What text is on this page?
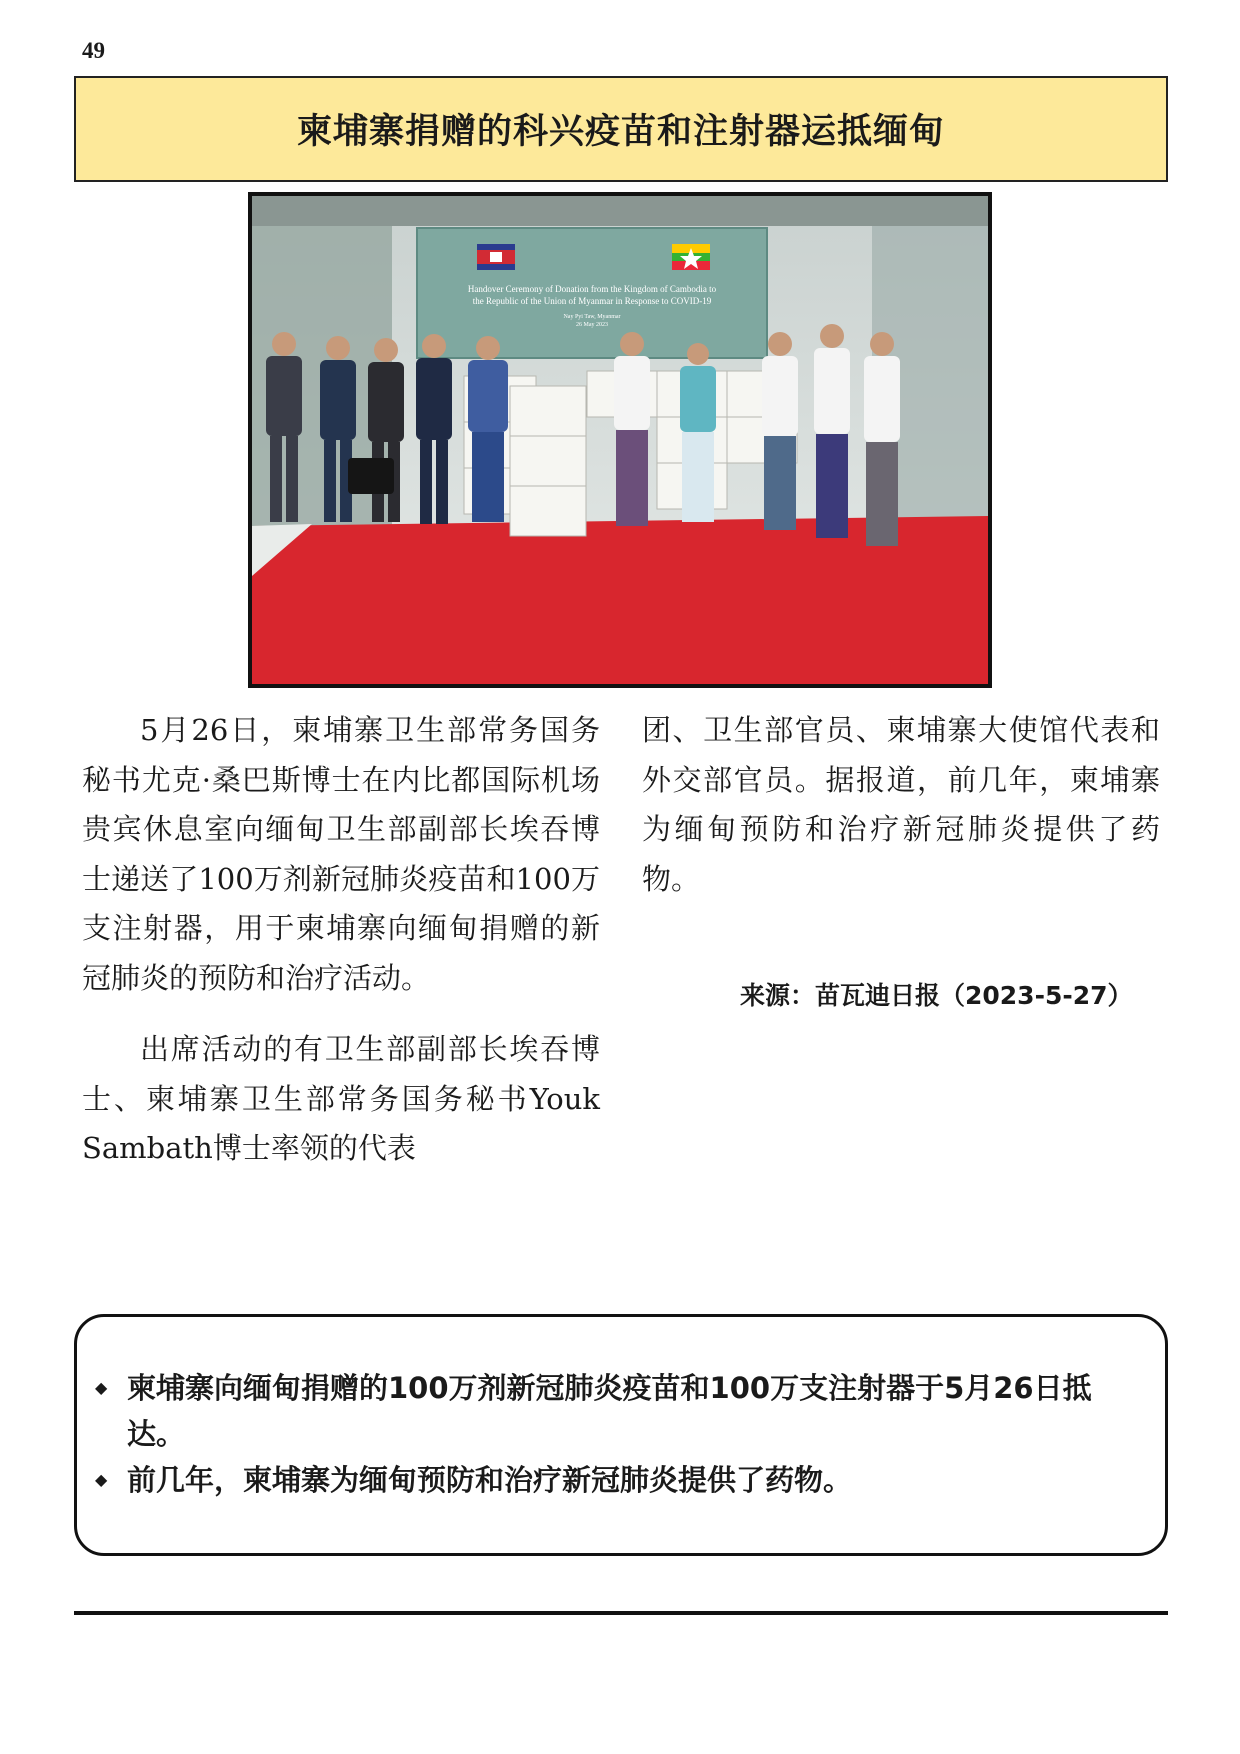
49
柬埔寨捐赠的科兴疫苗和注射器运抵缅甸
Handover Ceremony of Donation from the Kingdom of Cambodia to
the Republic of the Union of Myanmar in Response to COVID-19
Nay Pyi Taw, Myanmar
26 May 2023

5月26日，柬埔寨卫生部常务国务秘书尤克·桑巴斯博士在内比都国际机场贵宾休息室向缅甸卫生部副部长埃吞博士递送了100万剂新冠肺炎疫苗和100万支注射器，用于柬埔寨向缅甸捐赠的新冠肺炎的预防和治疗活动。

出席活动的有卫生部副部长埃吞博士、柬埔寨卫生部常务国务秘书Youk Sambath博士率领的代表

团、卫生部官员、柬埔寨大使馆代表和外交部官员。据报道，前几年，柬埔寨为缅甸预防和治疗新冠肺炎提供了药物。

来源：苗瓦迪日报（2023-5-27）
◆ 柬埔寨向缅甸捐赠的100万剂新冠肺炎疫苗和100万支注射器于5月26日抵达。
◆ 前几年，柬埔寨为缅甸预防和治疗新冠肺炎提供了药物。
